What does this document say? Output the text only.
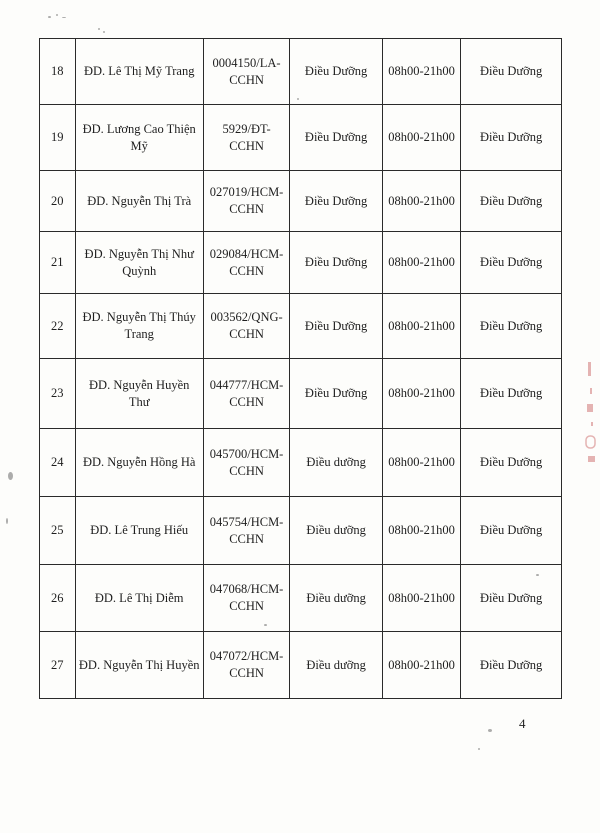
18	ĐD. Lê Thị Mỹ Trang	0004150/LA-CCHN	Điều Dưỡng	08h00-21h00	Điều Dưỡng
19	ĐD. Lương Cao Thiện Mỹ	5929/ĐT-CCHN	Điều Dưỡng	08h00-21h00	Điều Dưỡng
20	ĐD. Nguyễn Thị Trà	027019/HCM-CCHN	Điều Dưỡng	08h00-21h00	Điều Dưỡng
21	ĐD. Nguyễn Thị Như Quỳnh	029084/HCM-CCHN	Điều Dưỡng	08h00-21h00	Điều Dưỡng
22	ĐD. Nguyễn Thị Thúy Trang	003562/QNG-CCHN	Điều Dưỡng	08h00-21h00	Điều Dưỡng
23	ĐD. Nguyễn Huyền Thư	044777/HCM-CCHN	Điều Dưỡng	08h00-21h00	Điều Dưỡng
24	ĐD. Nguyễn Hồng Hà	045700/HCM-CCHN	Điều dưỡng	08h00-21h00	Điều Dưỡng
25	ĐD. Lê Trung Hiếu	045754/HCM-CCHN	Điều dưỡng	08h00-21h00	Điều Dưỡng
26	ĐD. Lê Thị Diễm	047068/HCM-CCHN	Điều dưỡng	08h00-21h00	Điều Dưỡng
27	ĐD. Nguyễn Thị Huyền	047072/HCM-CCHN	Điều dưỡng	08h00-21h00	Điều Dưỡng
4
